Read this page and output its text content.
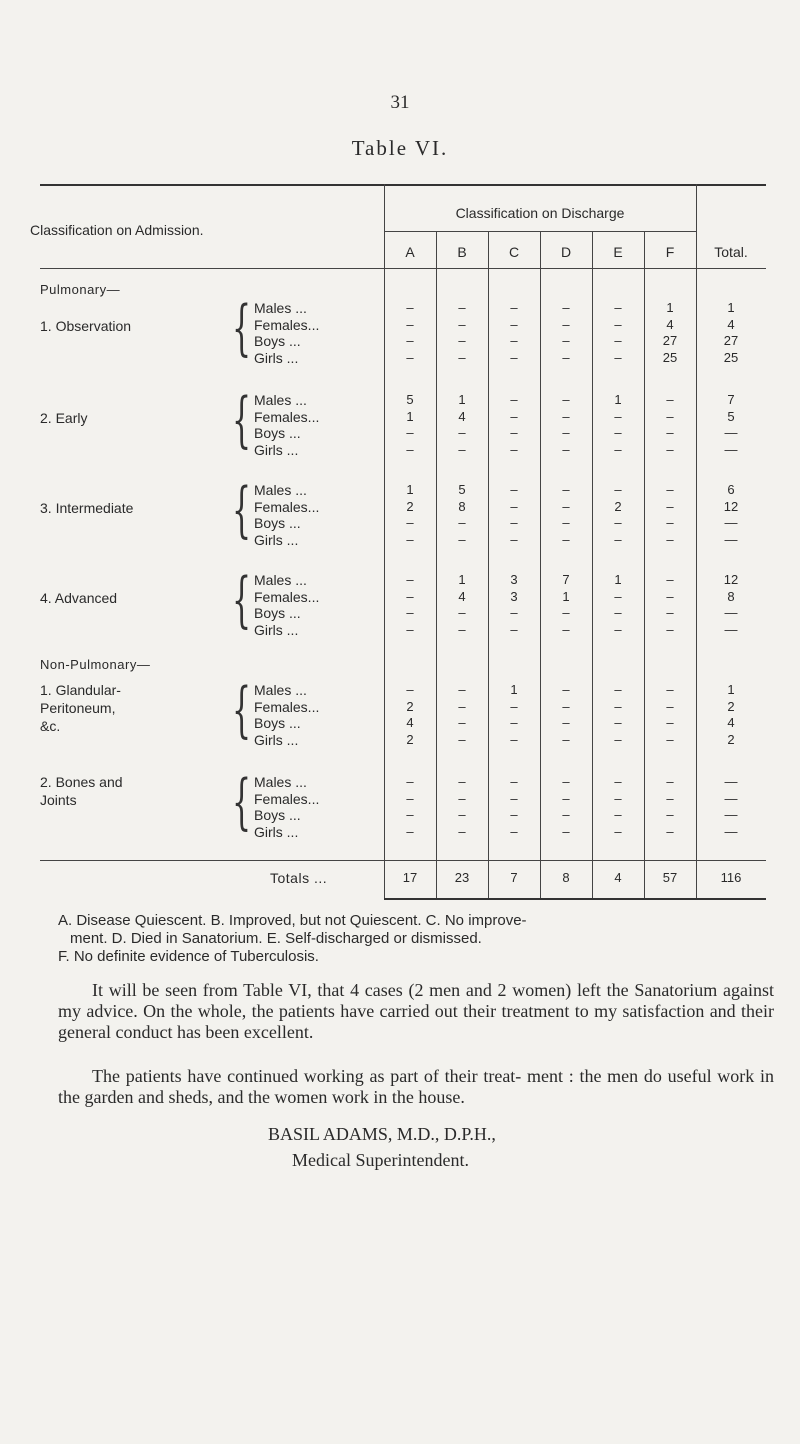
31
Table VI.
Classification on Admission.
Classification on Discharge
A	B	C	D	E	F	Total.
Pulmonary—
1. Observation { Males ...	–	–	–	–	–	1	1
Females...	–	–	–	–	–	4	4
Boys ...	–	–	–	–	–	27	27
Girls ...	–	–	–	–	–	25	25
2. Early { Males ...	5	1	–	–	1	–	7
Females...	1	4	–	–	–	–	5
Boys ...	–	–	–	–	–	–	—
Girls ...	–	–	–	–	–	–	—
3. Intermediate { Males ...	1	5	–	–	–	–	6
Females...	2	8	–	–	2	–	12
Boys ...	–	–	–	–	–	–	—
Girls ...	–	–	–	–	–	–	—
4. Advanced { Males ...	–	1	3	7	1	–	12
Females...	–	4	3	1	–	–	8
Boys ...	–	–	–	–	–	–	—
Girls ...	–	–	–	–	–	–	—
Non-Pulmonary—
1. Glandular-
Peritoneum,
&c.	{ Males ...	–	–	1	–	–	–	1
Females...	2	–	–	–	–	–	2
Boys ...	4	–	–	–	–	–	4
Girls ...	2	–	–	–	–	–	2
2. Bones and
Joints	{ Males ...	–	–	–	–	–	–	—
Females...	–	–	–	–	–	–	—
Boys ...	–	–	–	–	–	–	—
Girls ...	–	–	–	–	–	–	—
Totals ...	17	23	7	8	4	57	116
A. Disease Quiescent. B. Improved, but not Quiescent. C. No improve-
ment. D. Died in Sanatorium. E. Self-discharged or dismissed.
F. No definite evidence of Tuberculosis.
It will be seen from Table VI, that 4 cases (2 men and 2 women) left the Sanatorium against my advice. On the whole, the patients have carried out their treatment to my satisfaction and their general conduct has been excellent.
The patients have continued working as part of their treat- ment : the men do useful work in the garden and sheds, and the women work in the house.
BASIL ADAMS, M.D., D.P.H.,
Medical Superintendent.
